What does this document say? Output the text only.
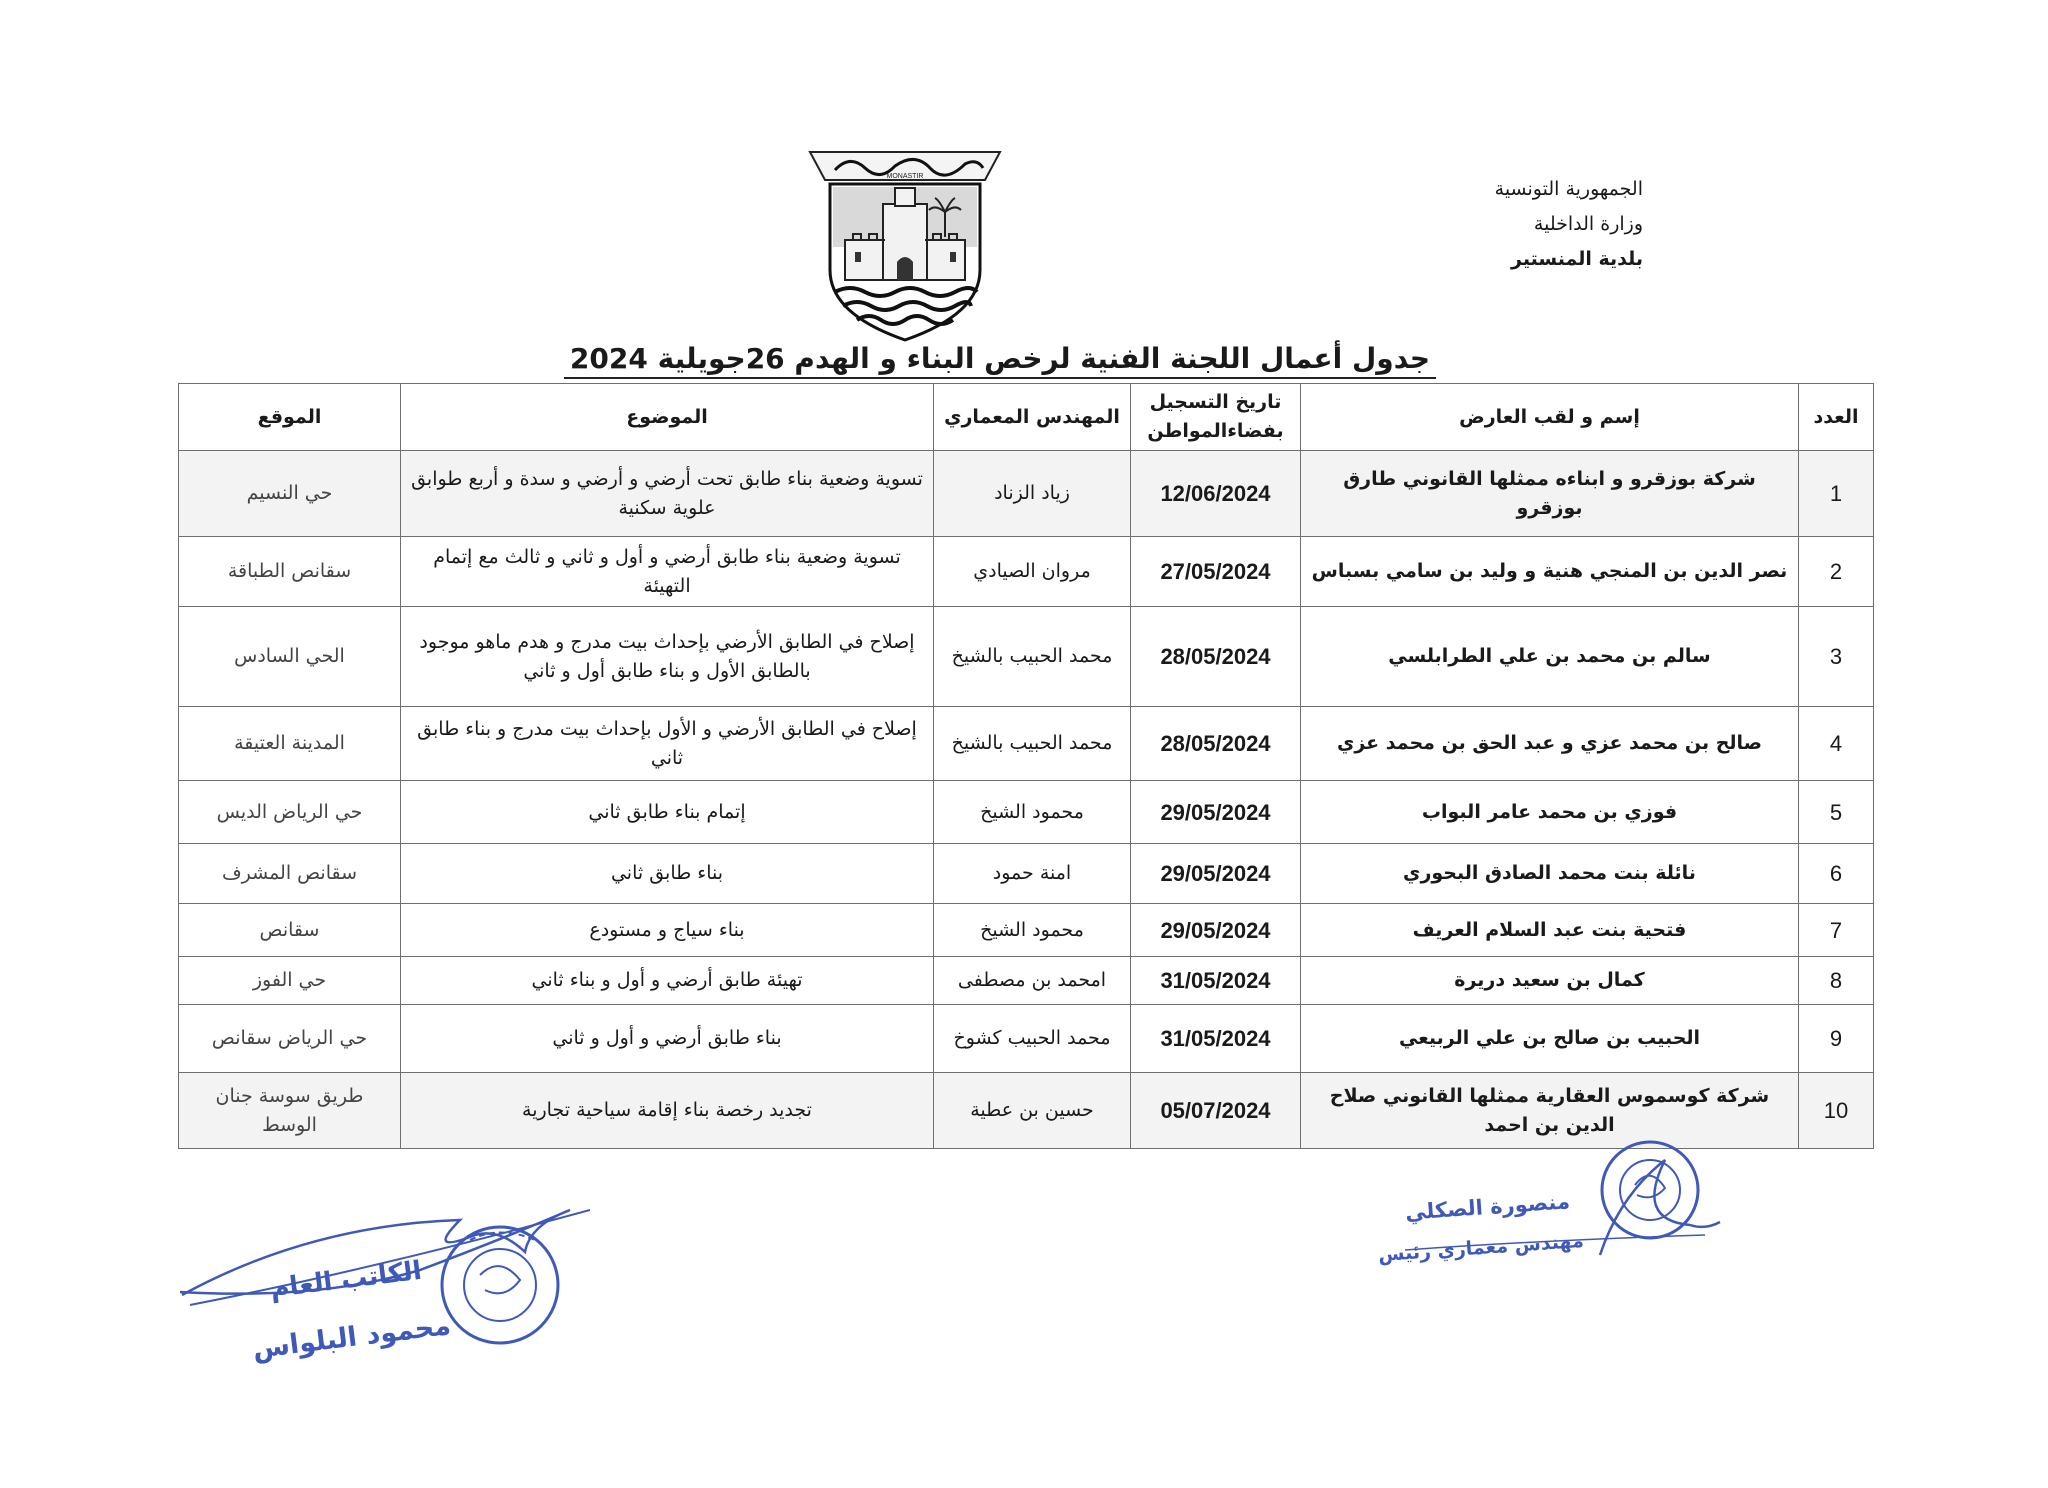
الجمهورية التونسية
وزارة الداخلية
بلدية المنستير
MONASTIR
جدول أعمال اللجنة الفنية لرخص البناء و الهدم 26جويلية 2024
العدد	إسم و لقب العارض	تاريخ التسجيل بفضاءالمواطن	المهندس المعماري	الموضوع	الموقع
1	شركة بوزقرو و ابناءه ممثلها القانوني طارق بوزقرو	12/06/2024	زياد الزناد	تسوية وضعية بناء طابق تحت أرضي و أرضي و سدة و أربع طوابق علوية سكنية	حي النسيم
2	نصر الدين بن المنجي هنية و وليد بن سامي بسباس	27/05/2024	مروان الصيادي	تسوية وضعية بناء طابق أرضي و أول و ثاني و ثالث مع إتمام التهيئة	سقانص الطباقة
3	سالم بن محمد بن علي الطرابلسي	28/05/2024	محمد الحبيب بالشيخ	إصلاح في الطابق الأرضي بإحداث بيت مدرج و هدم ماهو موجود بالطابق الأول و بناء طابق أول و ثاني	الحي السادس
4	صالح بن محمد عزي و عبد الحق بن محمد عزي	28/05/2024	محمد الحبيب بالشيخ	إصلاح في الطابق الأرضي و الأول بإحداث بيت مدرج و بناء طابق ثاني	المدينة العتيقة
5	فوزي بن محمد عامر البواب	29/05/2024	محمود الشيخ	إتمام بناء طابق ثاني	حي الرياض الديس
6	نائلة بنت محمد الصادق البحوري	29/05/2024	امنة حمود	بناء طابق ثاني	سقانص المشرف
7	فتحية بنت عبد السلام العريف	29/05/2024	محمود الشيخ	بناء سياج و مستودع	سقانص
8	كمال بن سعيد دريرة	31/05/2024	امحمد بن مصطفى	تهيئة طابق أرضي و أول و بناء ثاني	حي الفوز
9	الحبيب بن صالح بن علي الربيعي	31/05/2024	محمد الحبيب كشوخ	بناء طابق أرضي و أول و ثاني	حي الرياض سقانص
10	شركة كوسموس العقارية ممثلها القانوني صلاح الدين بن احمد	05/07/2024	حسين بن عطية	تجديد رخصة بناء إقامة سياحية تجارية	طريق سوسة جنان الوسط
الكاتب العام
محمود البلواس
منصورة الصكلي
مهندس معماري رئيس
